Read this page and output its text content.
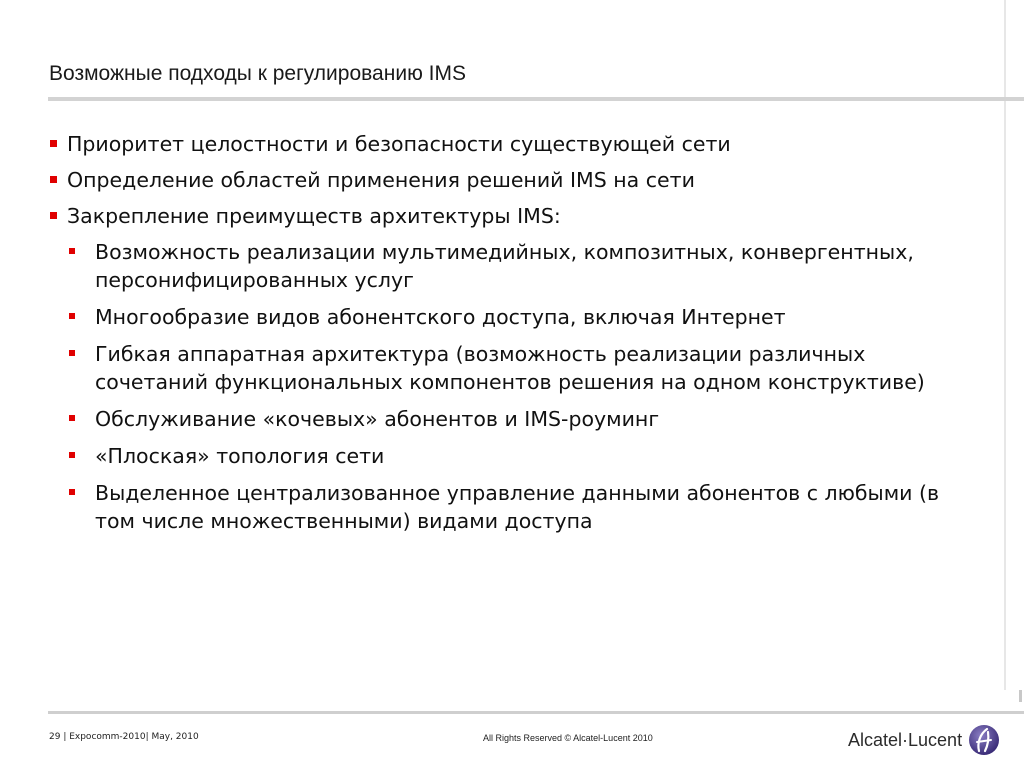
Возможные подходы к регулированию IMS
Приоритет целостности и безопасности существующей сети
Определение областей применения решений IMS на сети
Закрепление преимуществ архитектуры IMS:
Возможность реализации мультимедийных, композитных, конвергентных, персонифицированных услуг
Многообразие видов абонентского доступа, включая Интернет
Гибкая аппаратная архитектура (возможность реализации различных сочетаний функциональных компонентов решения на одном конструктиве)
Обслуживание «кочевых» абонентов и IMS-роуминг
«Плоская» топология сети
Выделенное централизованное управление данными абонентов с любыми (в том числе множественными) видами доступа
29 | Expocomm-2010| May, 2010	All Rights Reserved © Alcatel-Lucent 2010	Alcatel·Lucent
